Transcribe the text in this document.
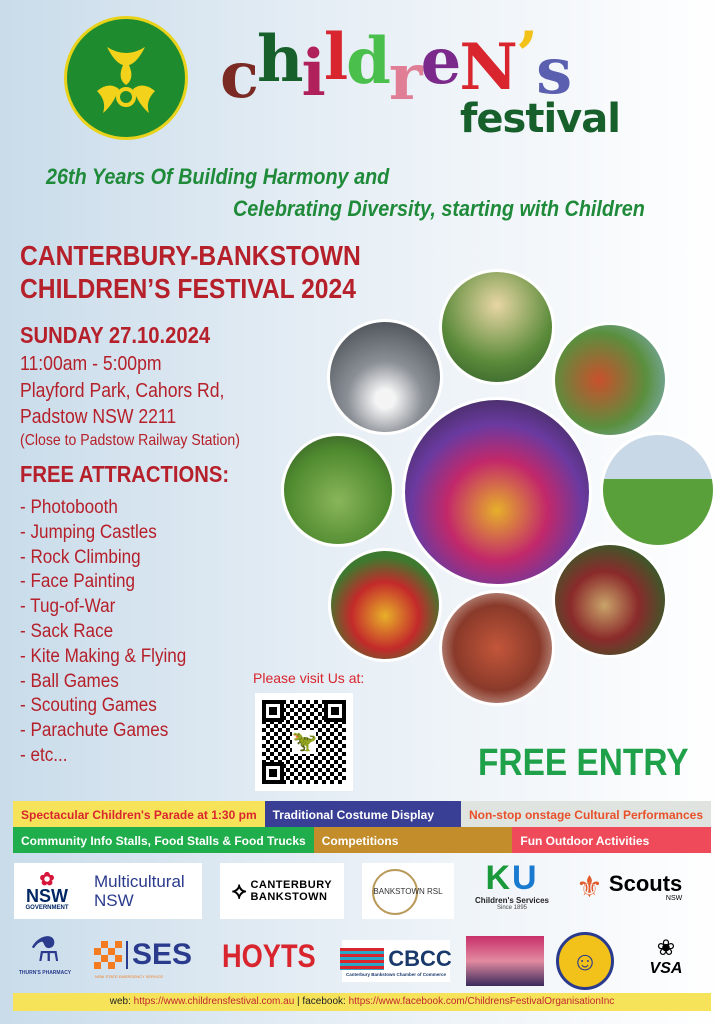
childreN’s
festival
26th Years Of Building Harmony and
Celebrating Diversity, starting with Children
CANTERBURY-BANKSTOWN
CHILDREN’S FESTIVAL 2024
SUNDAY 27.10.2024
11:00am - 5:00pm
Playford Park, Cahors Rd,
Padstow NSW 2211
(Close to Padstow Railway Station)
FREE ATTRACTIONS:
- Photobooth
- Jumping Castles
- Rock Climbing
- Face Painting
- Tug-of-War
- Sack Race
- Kite Making & Flying
- Ball Games
- Scouting Games
- Parachute Games
- etc...
Please visit Us at:
🦖	FREE ENTRY
Spectacular Children's Parade at 1:30 pm	Traditional Costume Display	Non-stop onstage Cultural Performances
Community Info Stalls, Food Stalls & Food Trucks	Competitions	Fun Outdoor Activities
✿
NSW
GOVERNMENT
Multicultural
NSW	⟡ CANTERBURY
BANKSTOWN	BANKSTOWN RSL	KU
Children's Services
Since 1895
⚜ Scouts
NSW
⚗
THURN'S PHARMACY
SES
NSW STATE EMERGENCY SERVICE
HOYTS	CBCC
Canterbury Bankstown Chamber of Commerce	☺	❀
VSA
web: https://www.childrensfestival.com.au | facebook: https://www.facebook.com/ChildrensFestivalOrganisationInc
